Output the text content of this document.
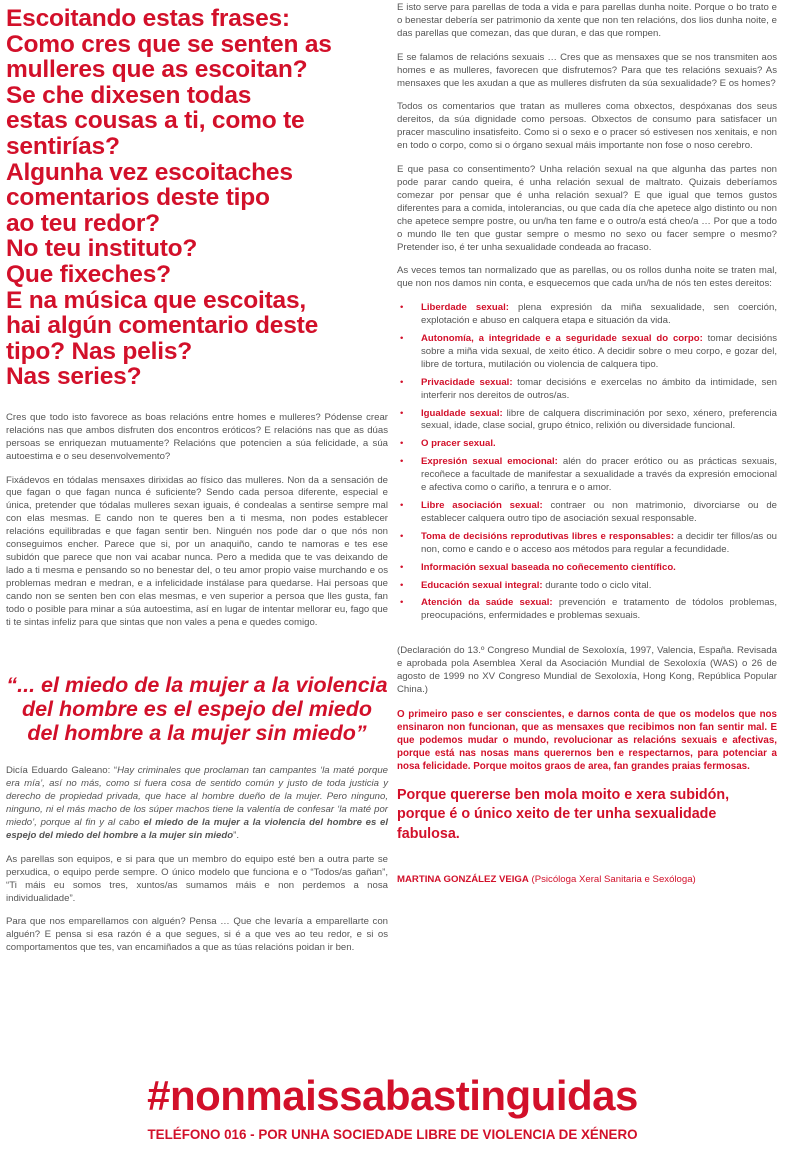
Escoitando estas frases:
Como cres que se senten as
mulleres que as escoitan?
Se che dixesen todas
estas cousas a ti, como te
sentirías?
Algunha vez escoitaches
comentarios deste tipo
ao teu redor?
No teu instituto?
Que fixeches?
E na música que escoitas,
hai algún comentario deste
tipo? Nas pelis?
Nas series?

Cres que todo isto favorece as boas relacións entre homes e mulleres? Pódense crear relacións nas que ambos disfruten dos encontros eróticos? E relacións nas que as dúas persoas se enriquezan mutuamente? Relacións que potencien a súa felicidade, a súa autoestima e o seu desenvolvemento?

Fixádevos en tódalas mensaxes dirixidas ao físico das mulleres. Non da a sensación de que fagan o que fagan nunca é suficiente? Sendo cada persoa diferente, especial e única, pretender que tódalas mulleres sexan iguais, é condealas a sentirse sempre mal con elas mesmas. E cando non te queres ben a ti mesma, non podes establecer relacións equilibradas e que fagan sentir ben. Ninguén nos pode dar o que nós non conseguimos encher. Parece que si, por un anaquiño, cando te namoras e tes ese subidón que parece que non vai acabar nunca. Pero a medida que te vas deixando de lado a ti mesma e pensando so no benestar del, o teu amor propio vaise murchando e os problemas medran e medran, e a infelicidade instálase para quedarse. Hai persoas que cando non se senten ben con elas mesmas, e ven superior a persoa que lles gusta, fan todo o posible para minar a súa autoestima, así en lugar de intentar mellorar eu, fago que ti te sintas infeliz para que sintas que non vales a pena e quedes comigo.

“... el miedo de la mujer a la violencia del hombre es el espejo del miedo del hombre a la mujer sin miedo”

Dicía Eduardo Galeano: “Hay criminales que proclaman tan campantes ‘la maté porque era mía’, así no más, como si fuera cosa de sentido común y justo de toda justicia y derecho de propiedad privada, que hace al hombre dueño de la mujer. Pero ninguno, ninguno, ni el más macho de los súper machos tiene la valentía de confesar ‘la maté por miedo’, porque al fin y al cabo el miedo de la mujer a la violencia del hombre es el espejo del miedo del hombre a la mujer sin miedo”.

As parellas son equipos, e si para que un membro do equipo esté ben a outra parte se perxudica, o equipo perde sempre. O único modelo que funciona e o “Todos/as gañan”, “Ti máis eu somos tres, xuntos/as sumamos máis e non perdemos a nosa individualidade”.

Para que nos emparellamos con alguén? Pensa … Que che levaría a emparellarte con alguén? E pensa si esa razón é a que segues, si é a que ves ao teu redor, e si os comportamentos que tes, van encamiñados a que as túas relacións poidan ir ben.

E isto serve para parellas de toda a vida e para parellas dunha noite. Porque o bo trato e o benestar debería ser patrimonio da xente que non ten relacións, dos lios dunha noite, e das parellas que comezan, das que duran, e das que rompen.

E se falamos de relacións sexuais … Cres que as mensaxes que se nos transmiten aos homes e as mulleres, favorecen que disfrutemos? Para que tes relacións sexuais? As mensaxes que les axudan a que as mulleres disfruten da súa sexualidade? E os homes?

Todos os comentarios que tratan as mulleres coma obxectos, despóxanas dos seus dereitos, da súa dignidade como persoas. Obxectos de consumo para satisfacer un pracer masculino insatisfeito. Como si o sexo e o pracer só estivesen nos xenitais, e non en todo o corpo, como si o órgano sexual máis importante non fose o noso cerebro.

E que pasa co consentimento? Unha relación sexual na que algunha das partes non pode parar cando queira, é unha relación sexual de maltrato. Quizais deberíamos comezar por pensar que é unha relación sexual? E que igual que temos gustos diferentes para a comida, intolerancias, ou que cada día che apetece algo distinto ou non che apetece sempre postre, ou un/ha ten fame e o outro/a está cheo/a … Por que a todo o mundo lle ten que gustar sempre o mesmo no sexo ou facer sempre o mesmo? Pretender iso, é ter unha sexualidade condeada ao fracaso.

As veces temos tan normalizado que as parellas, ou os rollos dunha noite se traten mal, que non nos damos nin conta, e esquecemos que cada un/ha de nós ten estes dereitos:

• Liberdade sexual: plena expresión da miña sexualidade, sen coerción, explotación e abuso en calquera etapa e situación da vida.
• Autonomía, a integridade e a seguridade sexual do corpo: tomar decisións sobre a miña vida sexual, de xeito ético. A decidir sobre o meu corpo, e gozar del, libre de tortura, mutilación ou violencia de calquera tipo.
• Privacidade sexual: tomar decisións e exercelas no ámbito da intimidade, sen interferir nos dereitos de outros/as.
• Igualdade sexual: libre de calquera discriminación por sexo, xénero, preferencia sexual, idade, clase social, grupo étnico, relixión ou diversidade funcional.
• O pracer sexual.
• Expresión sexual emocional: alén do pracer erótico ou as prácticas sexuais, recoñece a facultade de manifestar a sexualidade a través da expresión emocional e afectiva como o cariño, a tenrura e o amor.
• Libre asociación sexual: contraer ou non matrimonio, divorciarse ou de establecer calquera outro tipo de asociación sexual responsable.
• Toma de decisións reprodutivas libres e responsables: a decidir ter fillos/as ou non, como e cando e o acceso aos métodos para regular a fecundidade.
• Información sexual baseada no coñecemento científico.
• Educación sexual integral: durante todo o ciclo vital.
• Atención da saúde sexual: prevención e tratamento de tódolos problemas, preocupacións, enfermidades e problemas sexuais.

(Declaración do 13.º Congreso Mundial de Sexoloxía, 1997, Valencia, España. Revisada e aprobada pola Asemblea Xeral da Asociación Mundial de Sexoloxía (WAS) o 26 de agosto de 1999 no XV Congreso Mundial de Sexoloxía, Hong Kong, República Popular China.)

O primeiro paso e ser conscientes, e darnos conta de que os modelos que nos ensinaron non funcionan, que as mensaxes que recibimos non fan sentir mal. E que podemos mudar o mundo, revolucionar as relacións sexuais e afectivas, porque está nas nosas mans querernos ben e respectarnos, para potenciar a nosa felicidade. Porque moitos graos de area, fan grandes praias fermosas.

Porque quererse ben mola moito e xera subidón, porque é o único xeito de ter unha sexualidade fabulosa.

MARTINA GONZÁLEZ VEIGA (Psicóloga Xeral Sanitaria e Sexóloga)

#nonmaissabastinguidas
TELÉFONO 016 - POR UNHA SOCIEDADE LIBRE DE VIOLENCIA DE XÉNERO
